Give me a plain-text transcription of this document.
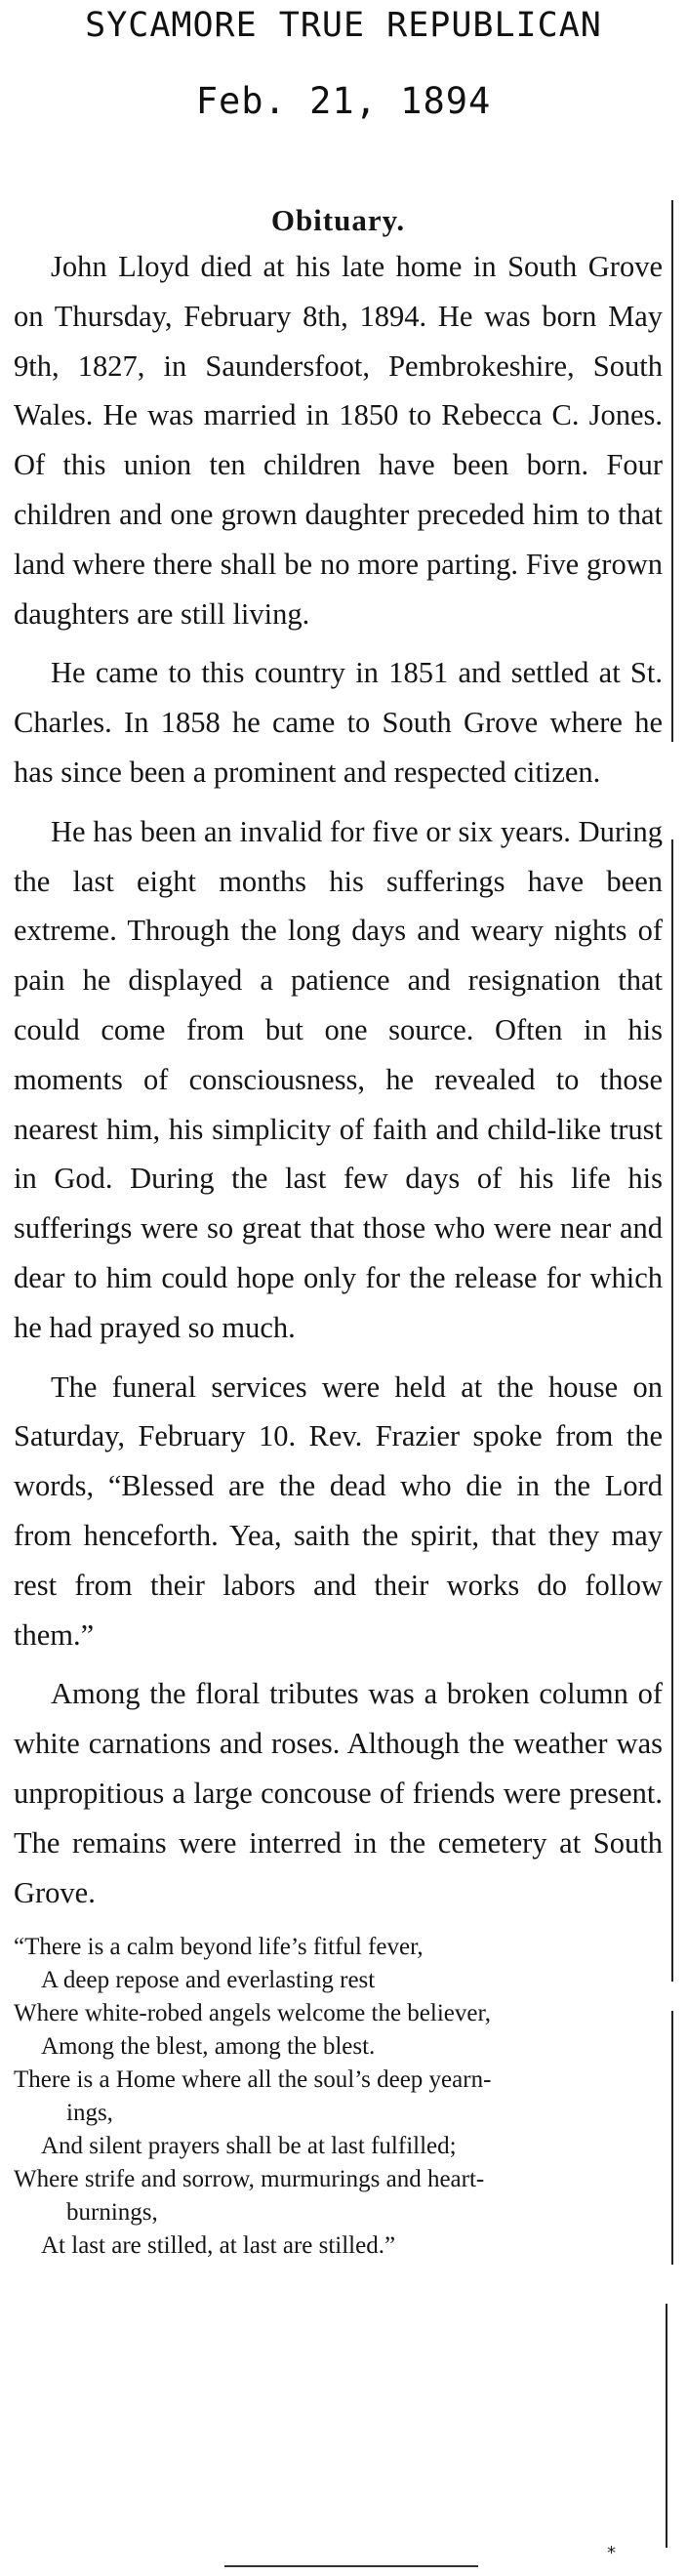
SYCAMORE TRUE REPUBLICAN
Feb. 21, 1894
Obituary.

John Lloyd died at his late home in South Grove on Thursday, February 8th, 1894. He was born May 9th, 1827, in Saundersfoot, Pembrokeshire, South Wales. He was married in 1850 to Rebecca C. Jones. Of this union ten children have been born. Four children and one grown daughter preceded him to that land where there shall be no more parting. Five grown daughters are still living.

He came to this country in 1851 and settled at St. Charles. In 1858 he came to South Grove where he has since been a prominent and respected citizen.

He has been an invalid for five or six years. During the last eight months his sufferings have been extreme. Through the long days and weary nights of pain he displayed a patience and resignation that could come from but one source. Often in his moments of consciousness, he revealed to those nearest him, his simplicity of faith and child-like trust in God. During the last few days of his life his sufferings were so great that those who were near and dear to him could hope only for the release for which he had prayed so much.

The funeral services were held at the house on Saturday, February 10. Rev. Frazier spoke from the words, “Blessed are the dead who die in the Lord from henceforth. Yea, saith the spirit, that they may rest from their labors and their works do follow them.”

Among the floral tributes was a broken column of white carnations and roses. Although the weather was unpropitious a large concouse of friends were present. The remains were interred in the cemetery at South Grove.

“There is a calm beyond life’s fitful fever,
A deep repose and everlasting rest
Where white-robed angels welcome the believer,
Among the blest, among the blest.
There is a Home where all the soul’s deep yearn-
ings,
And silent prayers shall be at last fulfilled;
Where strife and sorrow, murmurings and heart-
burnings,
At last are stilled, at last are stilled.”
*
